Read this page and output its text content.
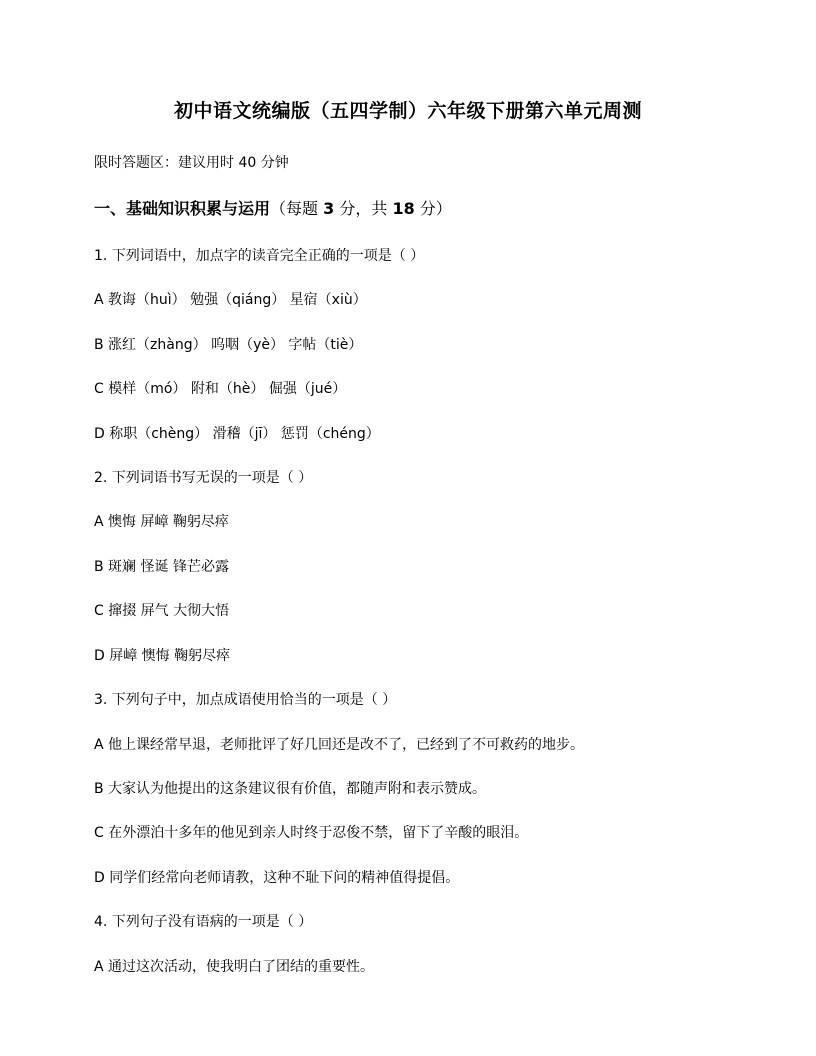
初中语文统编版（五四学制）六年级下册第六单元周测
限时答题区：建议用时 40 分钟
一、基础知识积累与运用（每题 3 分，共 18 分）
1. 下列词语中，加点字的读音完全正确的一项是（ ）
A 教诲（huì） 勉强（qiáng） 星宿（xiù）
B 涨红（zhàng） 呜咽（yè） 字帖（tiè）
C 模样（mó） 附和（hè） 倔强（jué）
D 称职（chèng） 滑稽（jī） 惩罚（chéng）
2. 下列词语书写无误的一项是（ ）
A 懊悔 屏嶂 鞠躬尽瘁
B 斑斓 怪诞 锋芒必露
C 撺掇 屏气 大彻大悟
D 屏嶂 懊悔 鞠躬尽瘁
3. 下列句子中，加点成语使用恰当的一项是（ ）
A 他上课经常早退，老师批评了好几回还是改不了，已经到了不可救药的地步。
B 大家认为他提出的这条建议很有价值，都随声附和表示赞成。
C 在外漂泊十多年的他见到亲人时终于忍俊不禁，留下了辛酸的眼泪。
D 同学们经常向老师请教，这种不耻下问的精神值得提倡。
4. 下列句子没有语病的一项是（ ）
A 通过这次活动，使我明白了团结的重要性。
